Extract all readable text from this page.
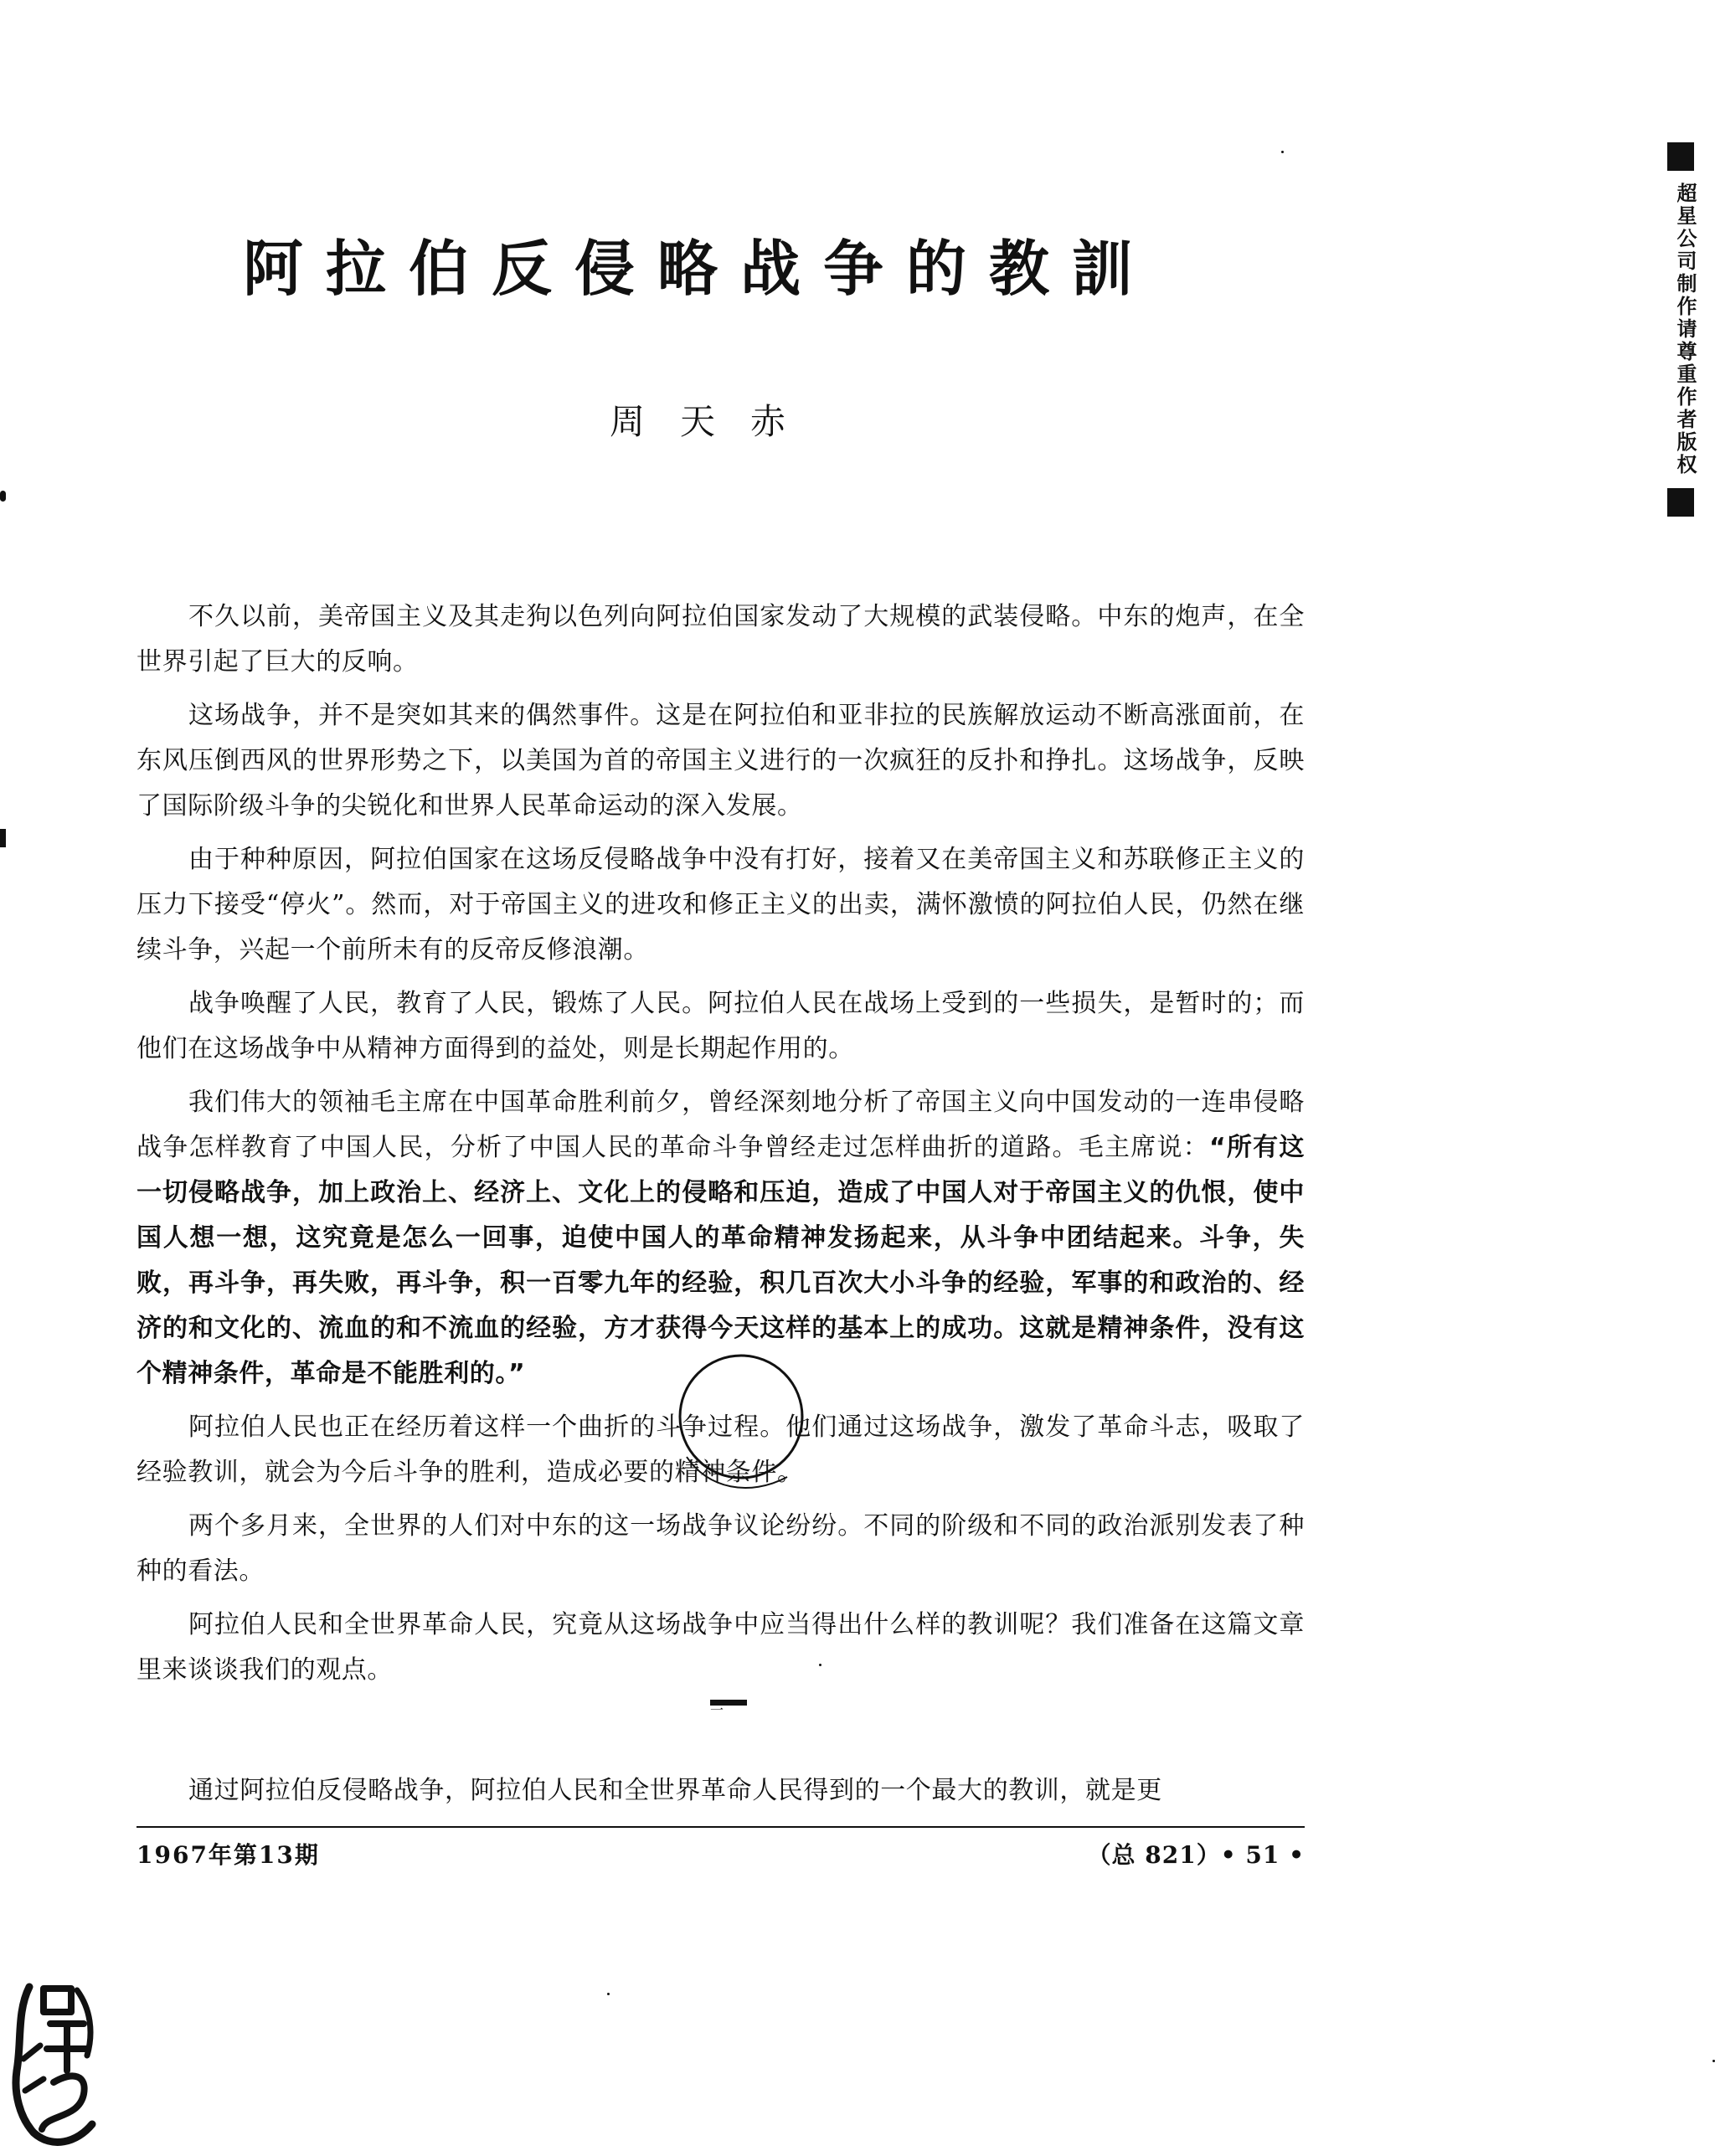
阿拉伯反侵略战争的教訓
周天赤

不久以前，美帝国主义及其走狗以色列向阿拉伯国家发动了大规模的武装侵略。中东的炮声，在全世界引起了巨大的反响。

这场战争，并不是突如其来的偶然事件。这是在阿拉伯和亚非拉的民族解放运动不断高涨面前，在东风压倒西风的世界形势之下，以美国为首的帝国主义进行的一次疯狂的反扑和挣扎。这场战争，反映了国际阶级斗争的尖锐化和世界人民革命运动的深入发展。

由于种种原因，阿拉伯国家在这场反侵略战争中没有打好，接着又在美帝国主义和苏联修正主义的压力下接受“停火”。然而，对于帝国主义的进攻和修正主义的出卖，满怀激愤的阿拉伯人民，仍然在继续斗争，兴起一个前所未有的反帝反修浪潮。

战争唤醒了人民，教育了人民，锻炼了人民。阿拉伯人民在战场上受到的一些损失，是暂时的；而他们在这场战争中从精神方面得到的益处，则是长期起作用的。

我们伟大的领袖毛主席在中国革命胜利前夕，曾经深刻地分析了帝国主义向中国发动的一连串侵略战争怎样教育了中国人民，分析了中国人民的革命斗争曾经走过怎样曲折的道路。毛主席说：“所有这一切侵略战争，加上政治上、经济上、文化上的侵略和压迫，造成了中国人对于帝国主义的仇恨，使中国人想一想，这究竟是怎么一回事，迫使中国人的革命精神发扬起来，从斗争中团结起来。斗争，失败，再斗争，再失败，再斗争，积一百零九年的经验，积几百次大小斗争的经验，军事的和政治的、经济的和文化的、流血的和不流血的经验，方才获得今天这样的基本上的成功。这就是精神条件，没有这个精神条件，革命是不能胜利的。”

阿拉伯人民也正在经历着这样一个曲折的斗争过程。他们通过这场战争，激发了革命斗志，吸取了经验教训，就会为今后斗争的胜利，造成必要的精神条件。

两个多月来，全世界的人们对中东的这一场战争议论纷纷。不同的阶级和不同的政治派别发表了种种的看法。

阿拉伯人民和全世界革命人民，究竟从这场战争中应当得出什么样的教训呢？我们准备在这篇文章里来谈谈我们的观点。

一
通过阿拉伯反侵略战争，阿拉伯人民和全世界革命人民得到的一个最大的教训，就是更
1967年第13期	（总 821）• 51 •
超星公司制作请尊重作者版权
